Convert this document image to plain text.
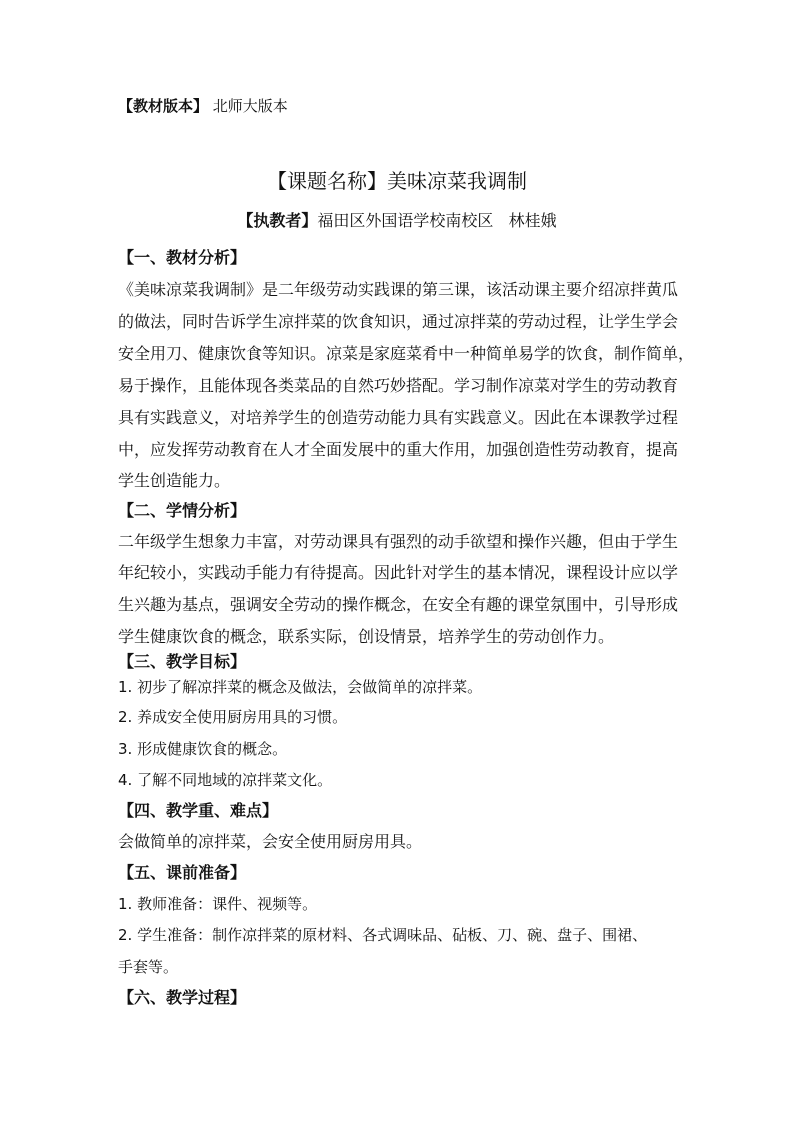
【教材版本】 北师大版本
【课题名称】美味凉菜我调制
【执教者】福田区外国语学校南校区 林桂娥
【一、教材分析】
《美味凉菜我调制》是二年级劳动实践课的第三课，该活动课主要介绍凉拌黄瓜
的做法，同时告诉学生凉拌菜的饮食知识，通过凉拌菜的劳动过程，让学生学会
安全用刀、健康饮食等知识。凉菜是家庭菜肴中一种简单易学的饮食，制作简单，
易于操作，且能体现各类菜品的自然巧妙搭配。学习制作凉菜对学生的劳动教育
具有实践意义，对培养学生的创造劳动能力具有实践意义。因此在本课教学过程
中，应发挥劳动教育在人才全面发展中的重大作用，加强创造性劳动教育，提高
学生创造能力。
【二、学情分析】
二年级学生想象力丰富，对劳动课具有强烈的动手欲望和操作兴趣，但由于学生
年纪较小，实践动手能力有待提高。因此针对学生的基本情况，课程设计应以学
生兴趣为基点，强调安全劳动的操作概念，在安全有趣的课堂氛围中，引导形成
学生健康饮食的概念，联系实际，创设情景，培养学生的劳动创作力。
【三、教学目标】
1. 初步了解凉拌菜的概念及做法，会做简单的凉拌菜。
2. 养成安全使用厨房用具的习惯。
3. 形成健康饮食的概念。
4. 了解不同地域的凉拌菜文化。
【四、教学重、难点】
会做简单的凉拌菜，会安全使用厨房用具。
【五、课前准备】
1. 教师准备：课件、视频等。
2. 学生准备：制作凉拌菜的原材料、各式调味品、砧板、刀、碗、盘子、围裙、
手套等。
【六、教学过程】
